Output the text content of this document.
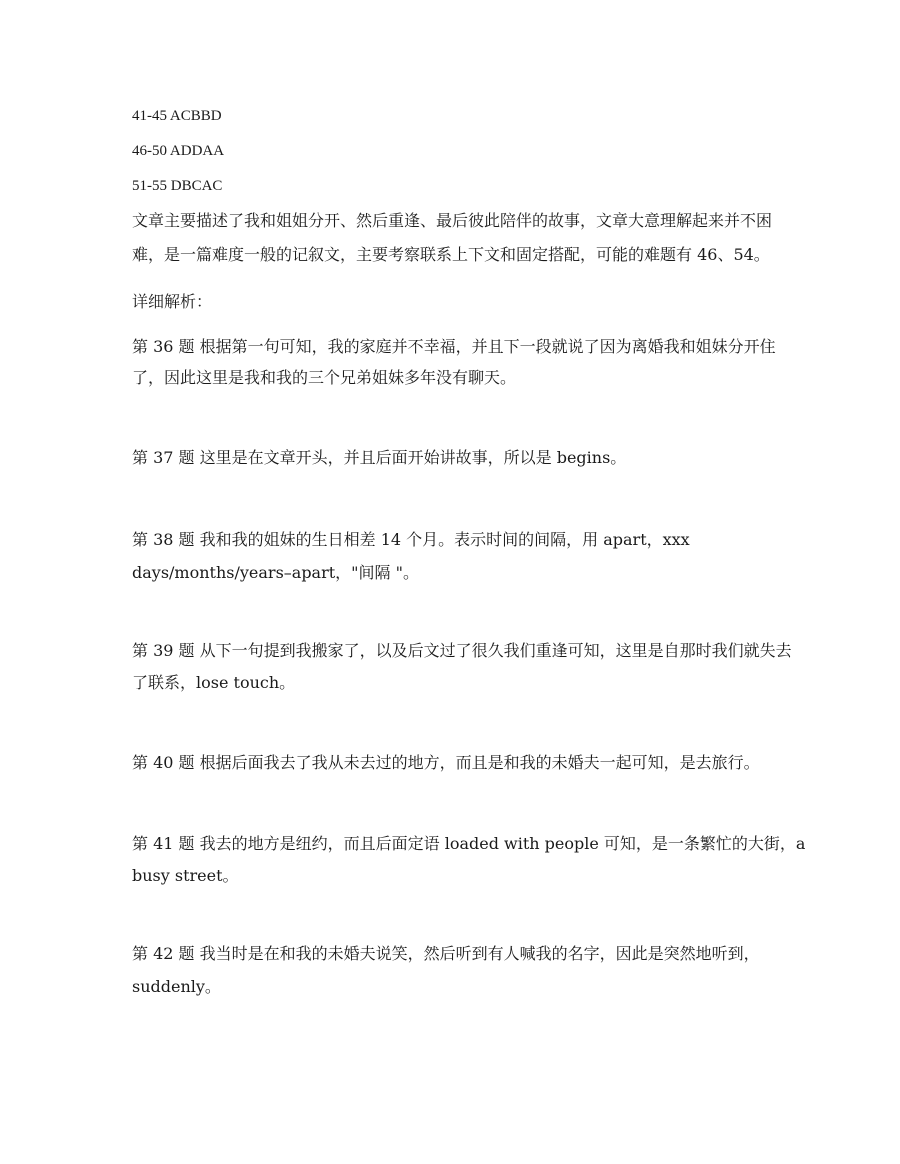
41-45 ACBBD
46-50 ADDAA
51-55 DBCAC
文章主要描述了我和姐姐分开、然后重逢、最后彼此陪伴的故事，文章大意理解起来并不困
难，是一篇难度一般的记叙文，主要考察联系上下文和固定搭配，可能的难题有 46、54。
详细解析：
第 36 题 根据第一句可知，我的家庭并不幸福，并且下一段就说了因为离婚我和姐妹分开住
了，因此这里是我和我的三个兄弟姐妹多年没有聊天。
第 37 题 这里是在文章开头，并且后面开始讲故事，所以是 begins。
第 38 题 我和我的姐妹的生日相差 14 个月。表示时间的间隔，用 apart，xxx
days/months/years–apart，"间隔 "。
第 39 题 从下一句提到我搬家了，以及后文过了很久我们重逢可知，这里是自那时我们就失去
了联系，lose touch。
第 40 题 根据后面我去了我从未去过的地方，而且是和我的未婚夫一起可知，是去旅行。
第 41 题 我去的地方是纽约，而且后面定语 loaded with people 可知，是一条繁忙的大街，a
busy street。
第 42 题 我当时是在和我的未婚夫说笑，然后听到有人喊我的名字，因此是突然地听到，
suddenly。
